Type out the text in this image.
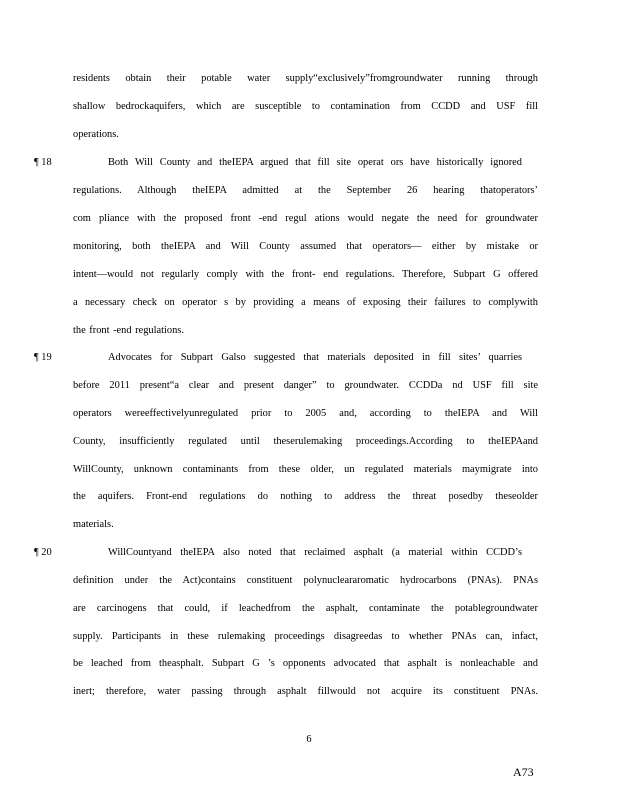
residents obtain their potable water supply“exclusively”fromgroundwater running through
shallow bedrockaquifers, which are susceptible to contamination from CCDD and USF fill
operations.
¶ 18	Both Will County and theIEPA argued that fill site operat ors have historically ignored
regulations. Although theIEPA admitted at the September 26 hearing thatoperators’
com pliance with the proposed front -end regul ations would negate the need for groundwater
monitoring, both theIEPA and Will County assumed that operators— either by mistake or
intent—would not regularly comply with the front- end regulations. Therefore, Subpart G offered
a necessary check on operator s by providing a means of exposing their failures to complywith
the front -end regulations.
¶ 19	Advocates for Subpart Galso suggested that materials deposited in fill sites’ quarries
before 2011 present“a clear and present danger” to groundwater. CCDDa nd USF fill site
operators wereeffectivelyunregulated prior to 2005 and, according to theIEPA and Will
County, insufficiently regulated until theserulemaking proceedings.According to theIEPAand
WillCounty, unknown contaminants from these older, un regulated materials maymigrate into
the aquifers. Front-end regulations do nothing to address the threat posedby theseolder
materials.
¶ 20	WillCountyand theIEPA also noted that reclaimed asphalt (a material within CCDD’s
definition under the Act)contains constituent polynucleararomatic hydrocarbons (PNAs). PNAs
are carcinogens that could, if leachedfrom the asphalt, contaminate the potablegroundwater
supply. Participants in these rulemaking proceedings disagreedas to whether PNAs can, infact,
be leached from theasphalt. Subpart G ’s opponents advocated that asphalt is nonleachable and
inert; therefore, water passing through asphalt fillwould not acquire its constituent PNAs.
6
A73
